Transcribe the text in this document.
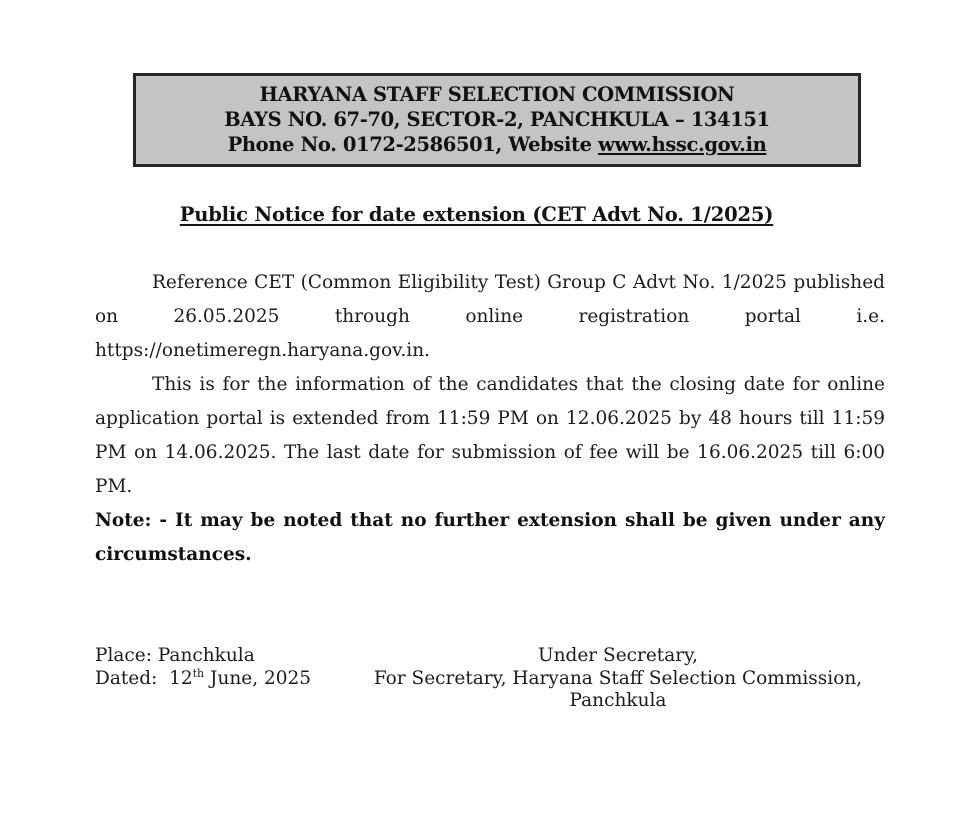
HARYANA STAFF SELECTION COMMISSION
BAYS NO. 67-70, SECTOR-2, PANCHKULA – 134151
Phone No. 0172-2586501, Website www.hssc.gov.in
Public Notice for date extension (CET Advt No. 1/2025)

Reference CET (Common Eligibility Test) Group C Advt No. 1/2025 published on 26.05.2025 through online registration portal i.e. https://onetimeregn.haryana.gov.in.

This is for the information of the candidates that the closing date for online application portal is extended from 11:59 PM on 12.06.2025 by 48 hours till 11:59 PM on 14.06.2025. The last date for submission of fee will be 16.06.2025 till 6:00 PM.

Note: - It may be noted that no further extension shall be given under any circumstances.

Place: Panchkula
Dated:  12th June, 2025
Under Secretary,
For Secretary, Haryana Staff Selection Commission,
Panchkula
